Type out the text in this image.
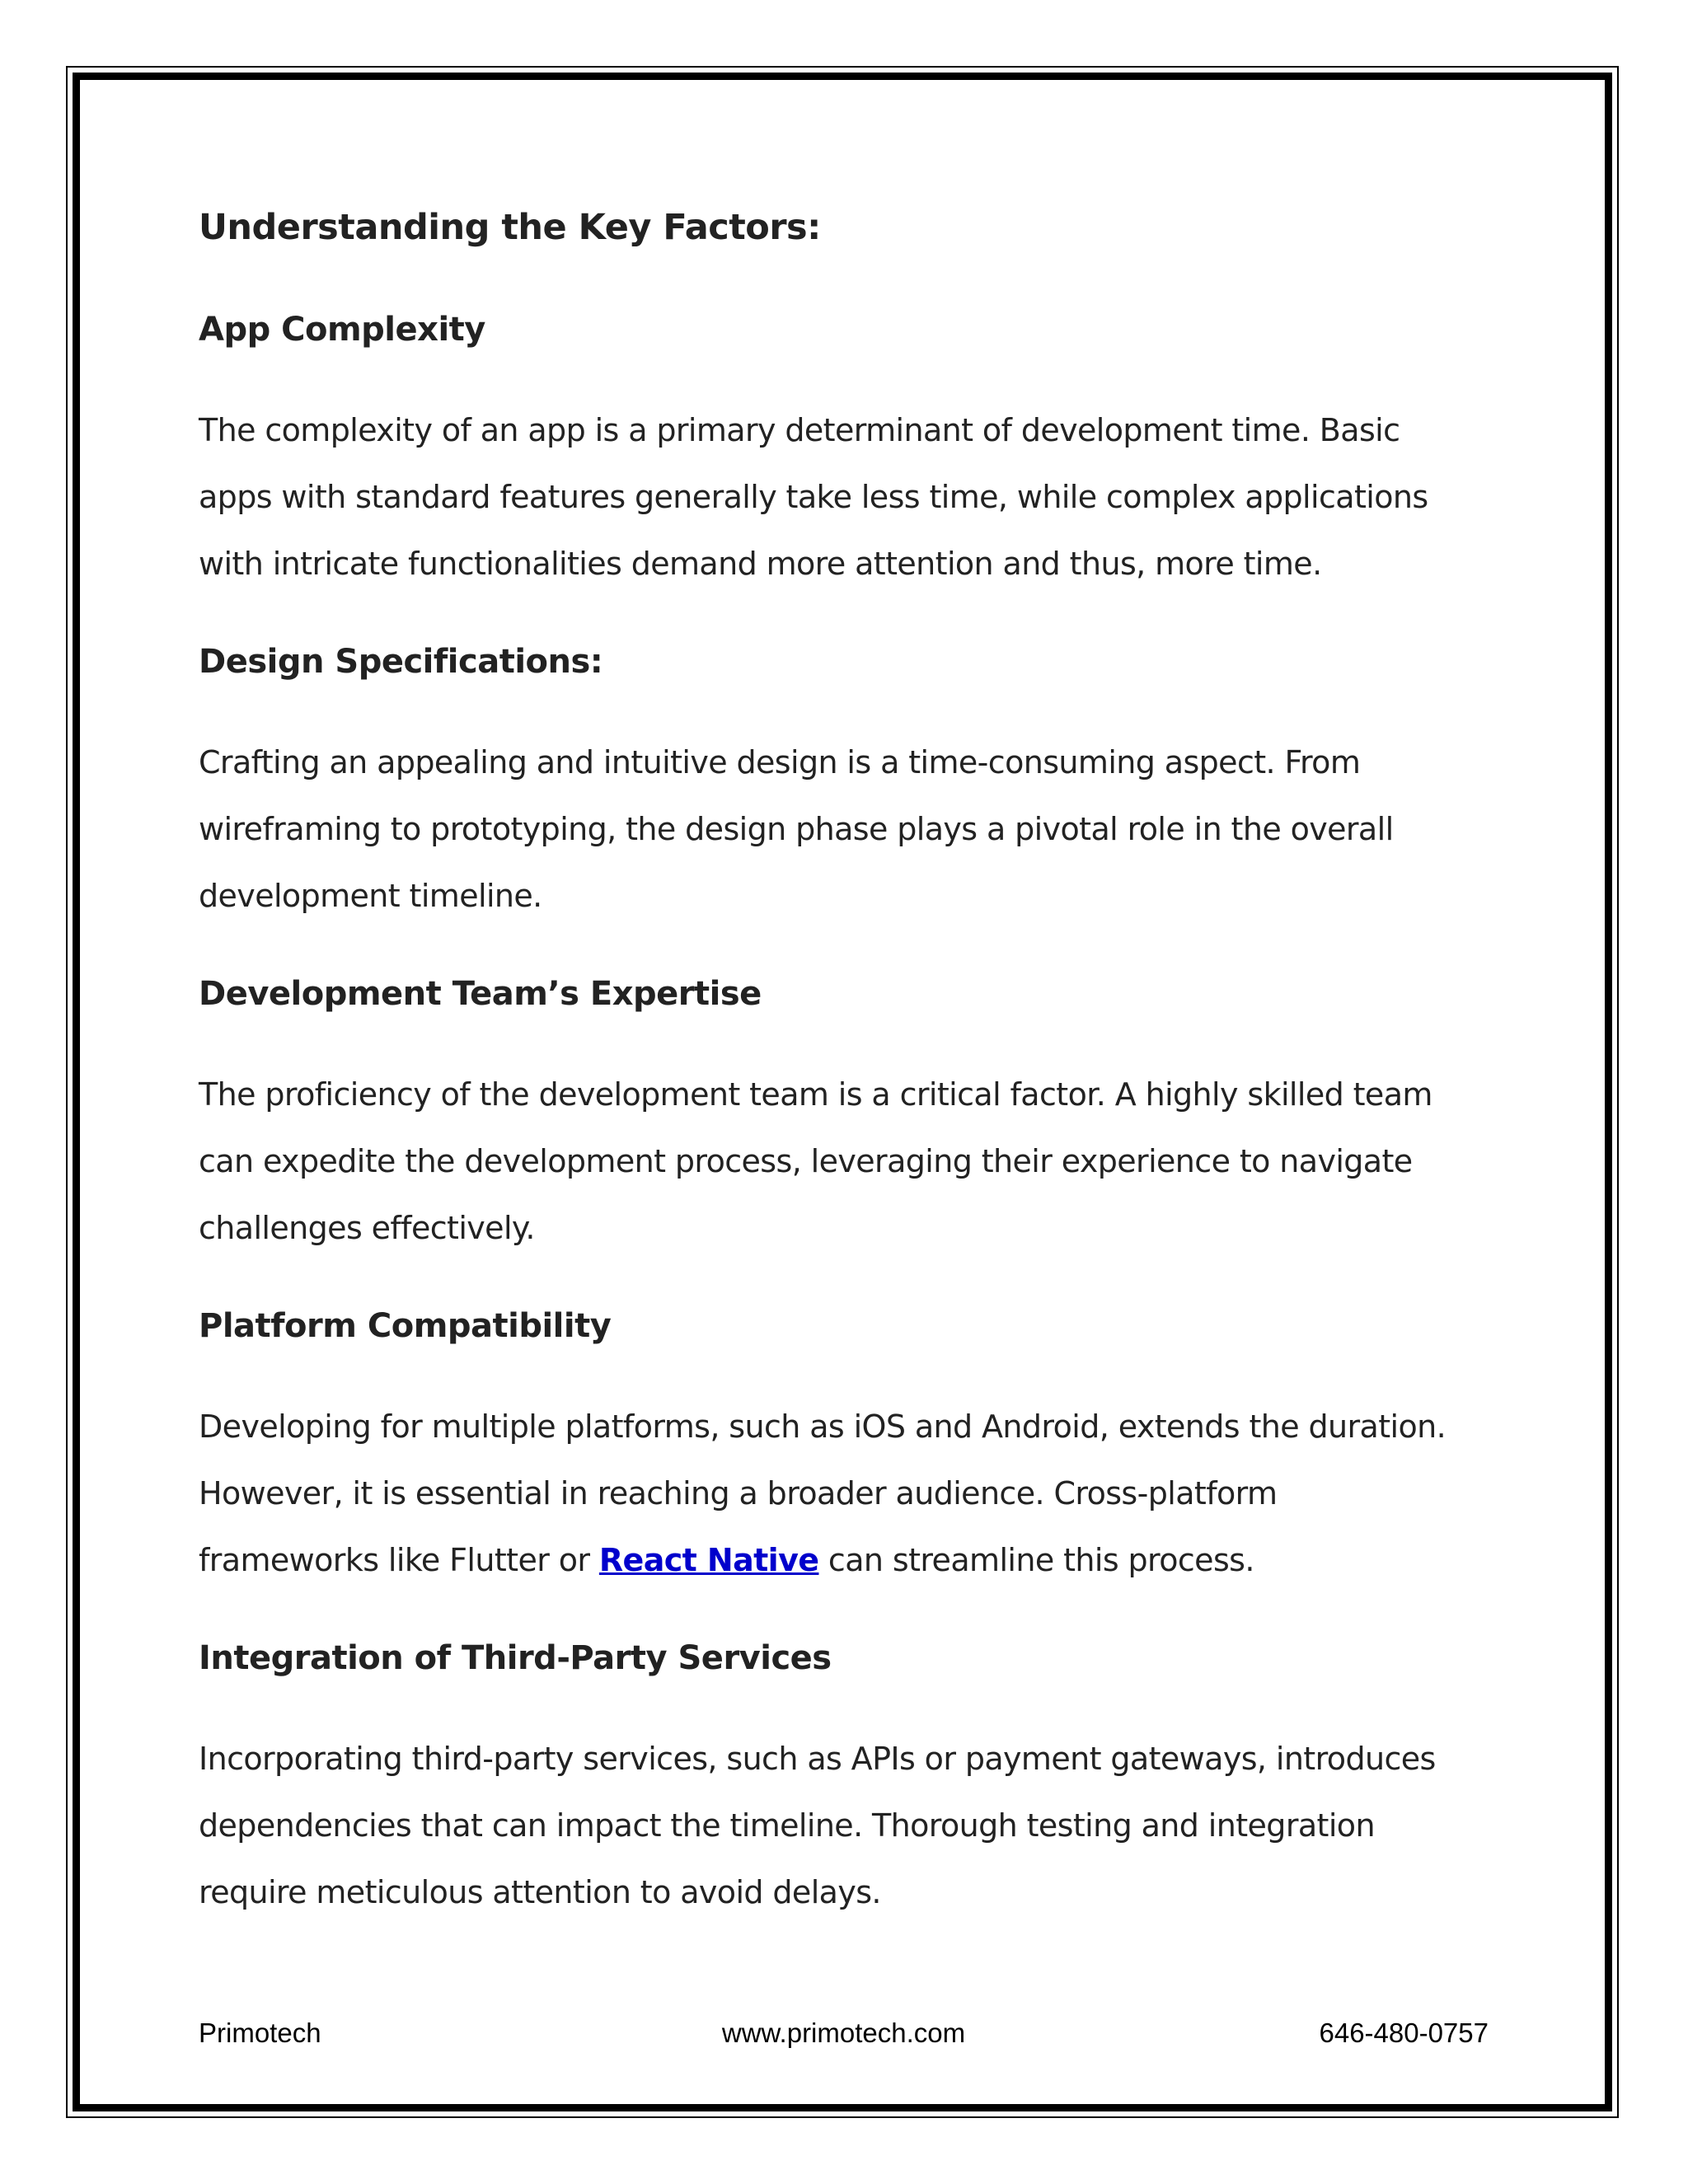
Understanding the Key Factors:
App Complexity

The complexity of an app is a primary determinant of development time. Basic
apps with standard features generally take less time, while complex applications
with intricate functionalities demand more attention and thus, more time.

Design Specifications:

Crafting an appealing and intuitive design is a time-consuming aspect. From
wireframing to prototyping, the design phase plays a pivotal role in the overall
development timeline.

Development Team’s Expertise

The proficiency of the development team is a critical factor. A highly skilled team
can expedite the development process, leveraging their experience to navigate
challenges effectively.

Platform Compatibility

Developing for multiple platforms, such as iOS and Android, extends the duration.
However, it is essential in reaching a broader audience. Cross-platform
frameworks like Flutter or React Native can streamline this process.

Integration of Third-Party Services

Incorporating third-party services, such as APIs or payment gateways, introduces
dependencies that can impact the timeline. Thorough testing and integration
require meticulous attention to avoid delays.

Primotech	www.primotech.com	646-480-0757
